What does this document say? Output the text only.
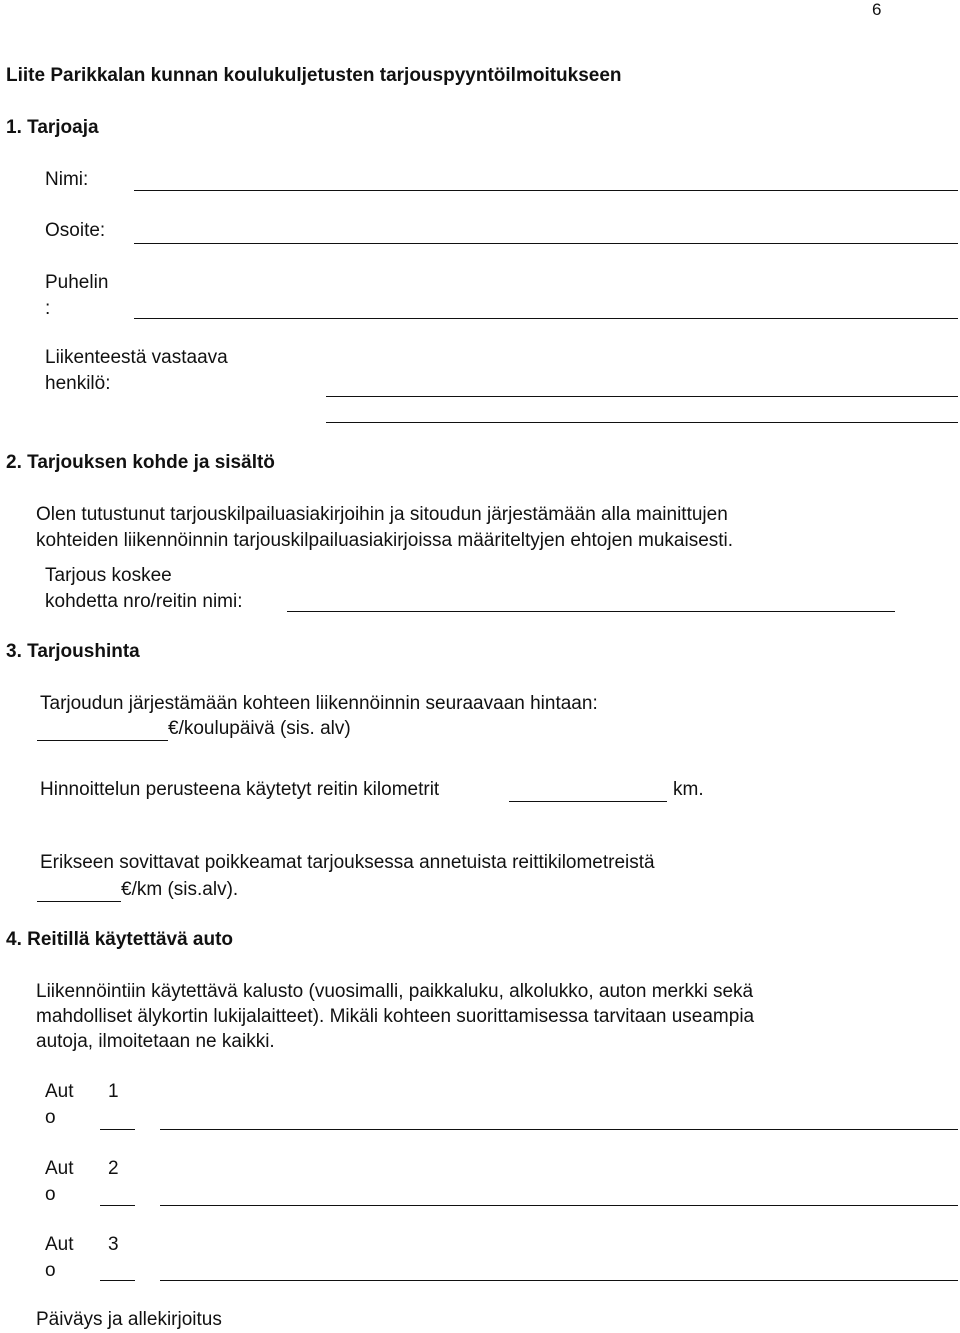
6
Liite Parikkalan kunnan koulukuljetusten tarjouspyyntöilmoitukseen
1. Tarjoaja
Nimi:
Osoite:
Puhelin
:
Liikenteestä vastaava
henkilö:
2. Tarjouksen kohde ja sisältö
Olen tutustunut tarjouskilpailuasiakirjoihin ja sitoudun järjestämään alla mainittujen
kohteiden liikennöinnin tarjouskilpailuasiakirjoissa määriteltyjen ehtojen mukaisesti.
Tarjous koskee
kohdetta nro/reitin nimi:
3. Tarjoushinta
Tarjoudun järjestämään kohteen liikennöinnin seuraavaan hintaan:
€/koulupäivä (sis. alv)
Hinnoittelun perusteena käytetyt reitin kilometrit	km.
Erikseen sovittavat poikkeamat tarjouksessa annetuista reittikilometreistä
€/km (sis.alv).
4. Reitillä käytettävä auto
Liikennöintiin käytettävä kalusto (vuosimalli, paikkaluku, alkolukko, auton merkki sekä
mahdolliset älykortin lukijalaitteet). Mikäli kohteen suorittamisessa tarvitaan useampia
autoja, ilmoitetaan ne kaikki.
Aut
o
1
Aut
o
2
Aut
o
3
Päiväys ja allekirjoitus
